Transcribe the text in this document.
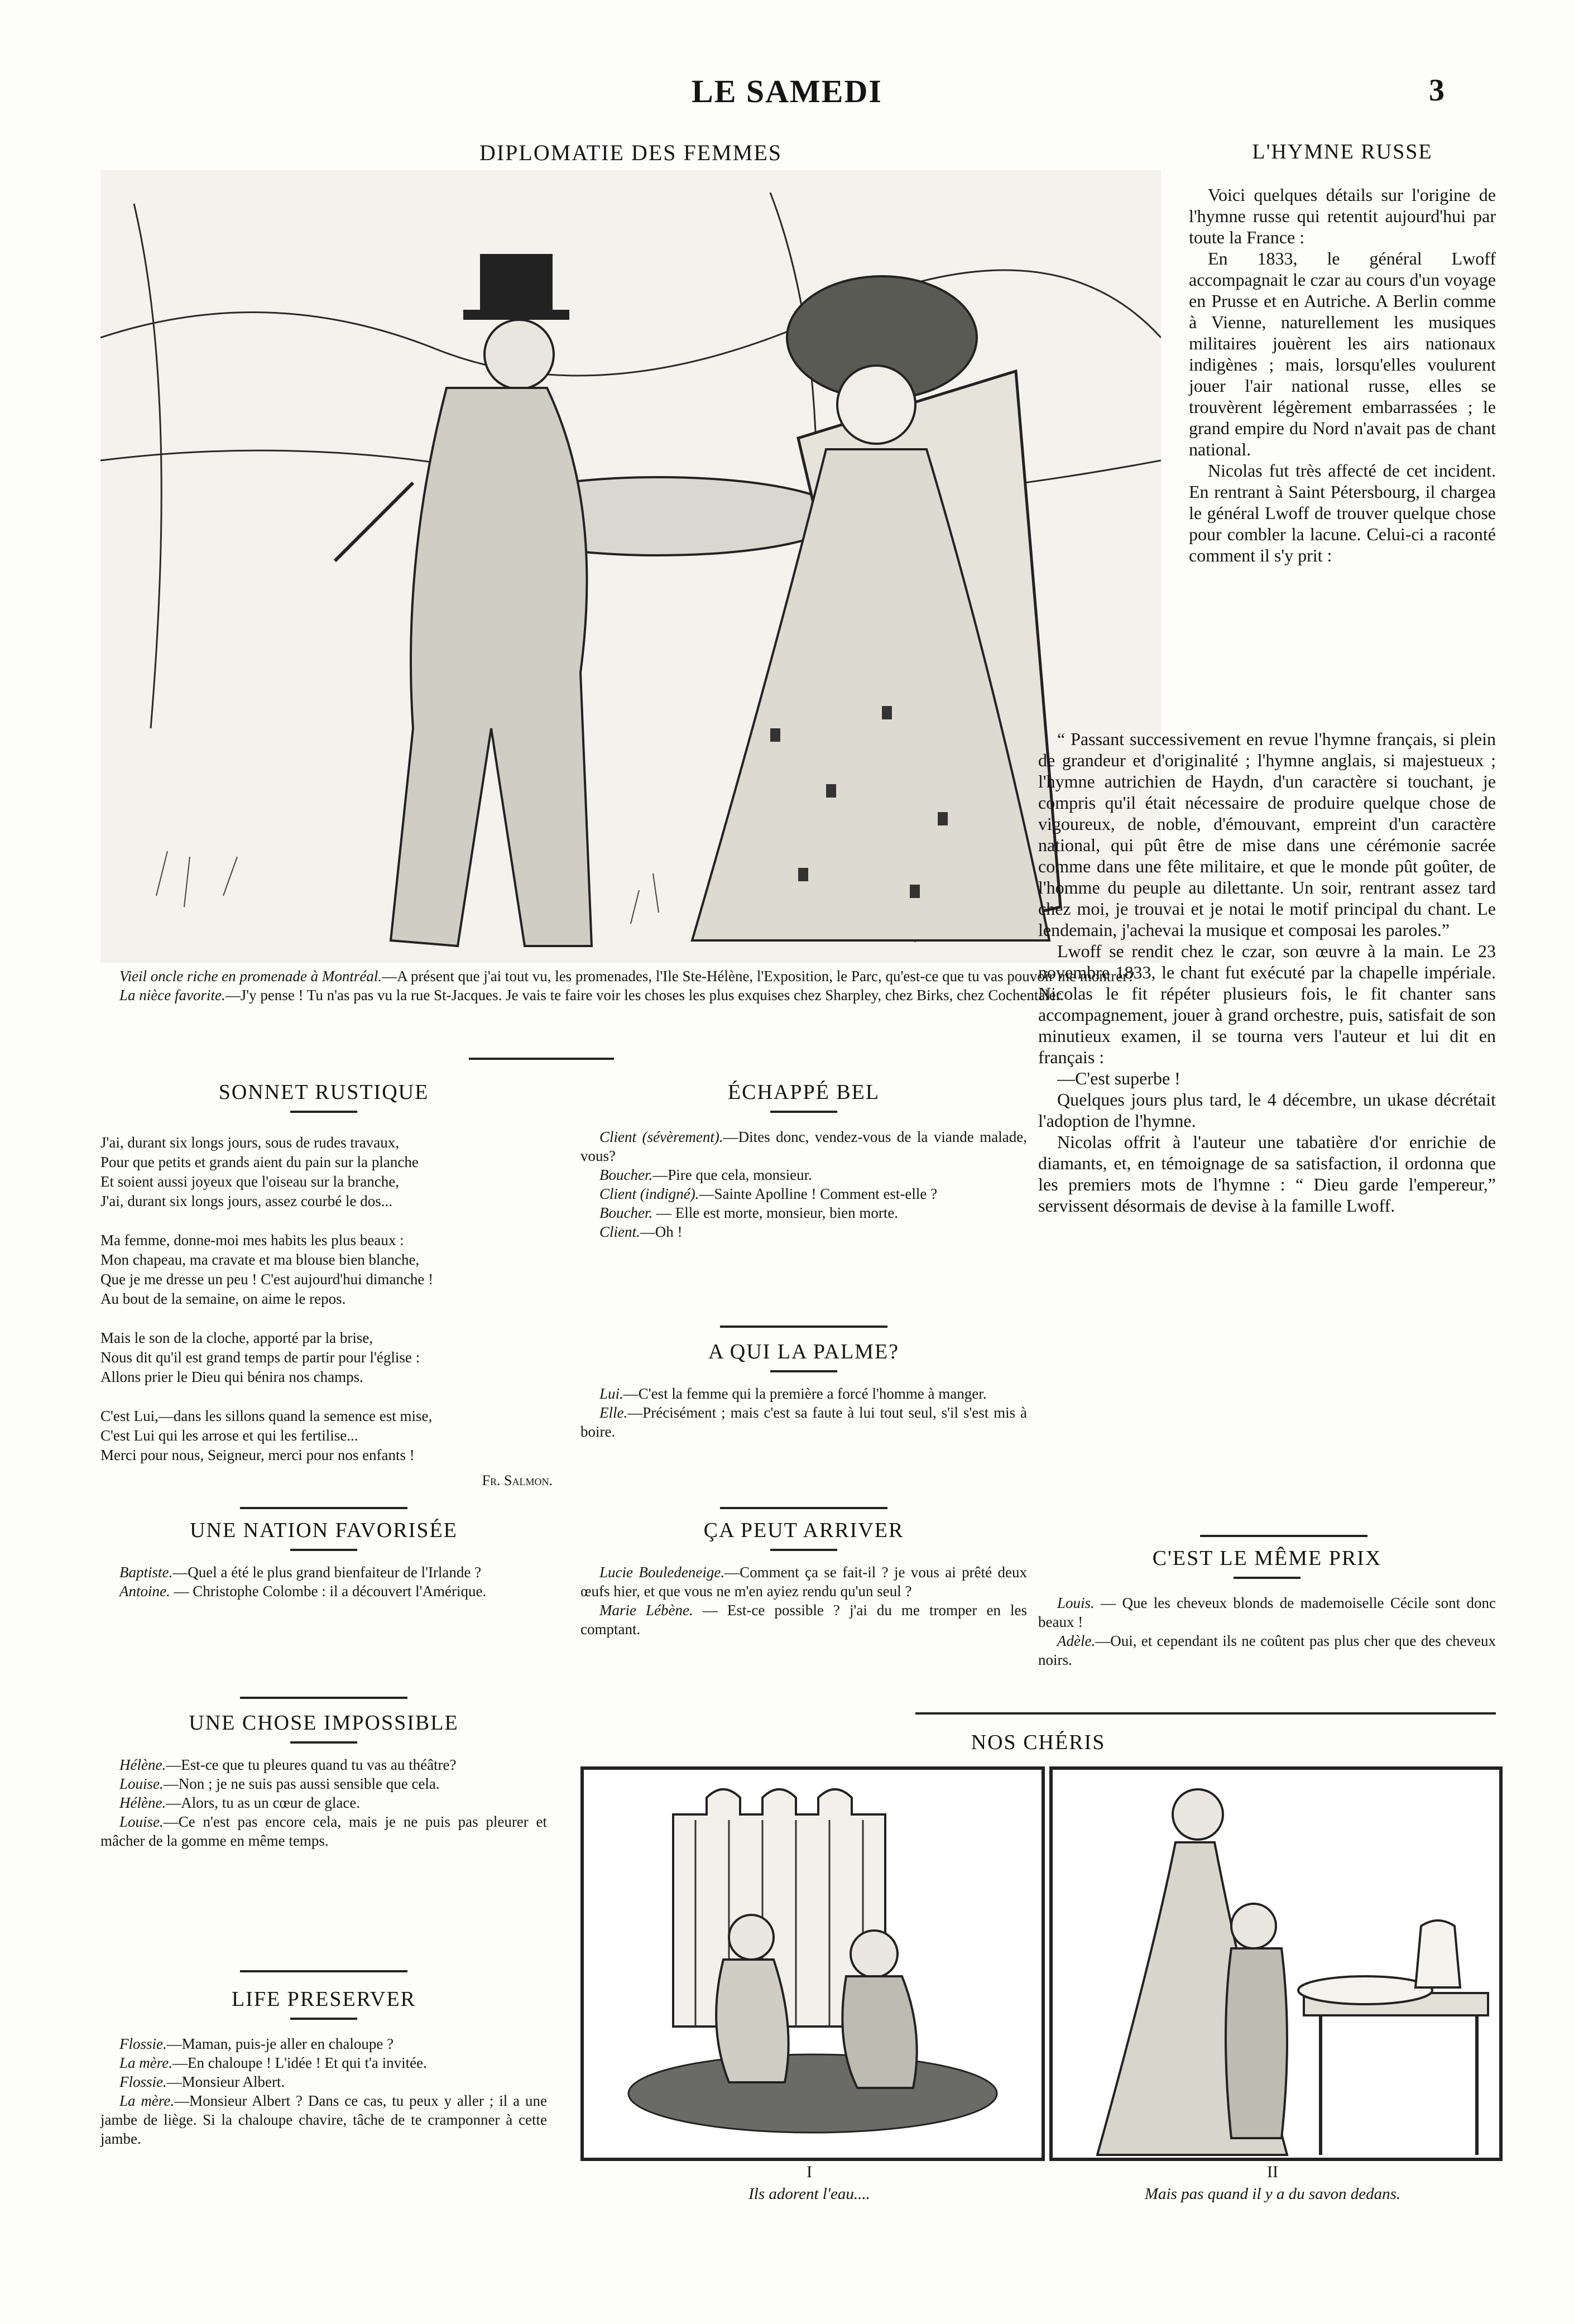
LE SAMEDI	3
DIPLOMATIE DES FEMMES

Vieil oncle riche en promenade à Montréal.—A présent que j'ai tout vu, les promenades, l'Ile Ste-Hélène, l'Exposition, le Parc, qu'est-ce que tu vas pouvoir me montrer?

La nièce favorite.—J'y pense ! Tu n'as pas vu la rue St-Jacques. Je vais te faire voir les choses les plus exquises chez Sharpley, chez Birks, chez Cochentaler.

L'HYMNE RUSSE

Voici quelques détails sur l'origine de l'hymne russe qui retentit aujourd'hui par toute la France :

En 1833, le général Lwoff accompagnait le czar au cours d'un voyage en Prusse et en Autriche. A Berlin comme à Vienne, naturellement les musiques militaires jouèrent les airs nationaux indigènes ; mais, lorsqu'elles voulurent jouer l'air national russe, elles se trouvèrent légèrement embarrassées ; le grand empire du Nord n'avait pas de chant national.

Nicolas fut très affecté de cet incident. En rentrant à Saint Pétersbourg, il chargea le général Lwoff de trouver quelque chose pour combler la lacune. Celui-ci a raconté comment il s'y prit :

“ Passant successivement en revue l'hymne français, si plein de grandeur et d'originalité ; l'hymne anglais, si majestueux ; l'hymne autrichien de Haydn, d'un caractère si touchant, je compris qu'il était nécessaire de produire quelque chose de vigoureux, de noble, d'émouvant, empreint d'un caractère national, qui pût être de mise dans une cérémonie sacrée comme dans une fête militaire, et que le monde pût goûter, de l'homme du peuple au dilettante. Un soir, rentrant assez tard chez moi, je trouvai et je notai le motif principal du chant. Le lendemain, j'achevai la musique et composai les paroles.”

Lwoff se rendit chez le czar, son œuvre à la main. Le 23 novembre 1833, le chant fut exécuté par la chapelle impériale. Nicolas le fit répéter plusieurs fois, le fit chanter sans accompagnement, jouer à grand orchestre, puis, satisfait de son minutieux examen, il se tourna vers l'auteur et lui dit en français :

—C'est superbe !

Quelques jours plus tard, le 4 décembre, un ukase décrétait l'adoption de l'hymne.

Nicolas offrit à l'auteur une tabatière d'or enrichie de diamants, et, en témoignage de sa satisfaction, il ordonna que les premiers mots de l'hymne : “ Dieu garde l'empereur,” servissent désormais de devise à la famille Lwoff.

SONNET RUSTIQUE
J'ai, durant six longs jours, sous de rudes travaux,
Pour que petits et grands aient du pain sur la planche
Et soient aussi joyeux que l'oiseau sur la branche,
J'ai, durant six longs jours, assez courbé le dos...
Ma femme, donne-moi mes habits les plus beaux :
Mon chapeau, ma cravate et ma blouse bien blanche,
Que je me dresse un peu ! C'est aujourd'hui dimanche !
Au bout de la semaine, on aime le repos.
Mais le son de la cloche, apporté par la brise,
Nous dit qu'il est grand temps de partir pour l'église :
Allons prier le Dieu qui bénira nos champs.
C'est Lui,—dans les sillons quand la semence est mise,
C'est Lui qui les arrose et qui les fertilise...
Merci pour nous, Seigneur, merci pour nos enfants !
Fr. Salmon.
UNE NATION FAVORISÉE

Baptiste.—Quel a été le plus grand bienfaiteur de l'Irlande ?

Antoine. — Christophe Colombe : il a découvert l'Amérique.

UNE CHOSE IMPOSSIBLE

Hélène.—Est-ce que tu pleures quand tu vas au théâtre?

Louise.—Non ; je ne suis pas aussi sensible que cela.

Hélène.—Alors, tu as un cœur de glace.

Louise.—Ce n'est pas encore cela, mais je ne puis pas pleurer et mâcher de la gomme en même temps.

LIFE PRESERVER

Flossie.—Maman, puis-je aller en chaloupe ?

La mère.—En chaloupe ! L'idée ! Et qui t'a invitée.

Flossie.—Monsieur Albert.

La mère.—Monsieur Albert ? Dans ce cas, tu peux y aller ; il a une jambe de liège. Si la chaloupe chavire, tâche de te cramponner à cette jambe.

ÉCHAPPÉ BEL

Client (sévèrement).—Dites donc, vendez-vous de la viande malade, vous?

Boucher.—Pire que cela, monsieur.

Client (indigné).—Sainte Apolline ! Comment est-elle ?

Boucher. — Elle est morte, monsieur, bien morte.

Client.—Oh !

A QUI LA PALME?

Lui.—C'est la femme qui la première a forcé l'homme à manger.

Elle.—Précisément ; mais c'est sa faute à lui tout seul, s'il s'est mis à boire.

ÇA PEUT ARRIVER

Lucie Bouledeneige.—Comment ça se fait-il ? je vous ai prêté deux œufs hier, et que vous ne m'en ayiez rendu qu'un seul ?

Marie Lébène. — Est-ce possible ? j'ai du me tromper en les comptant.

C'EST LE MÊME PRIX

Louis. — Que les cheveux blonds de mademoiselle Cécile sont donc beaux !

Adèle.—Oui, et cependant ils ne coûtent pas plus cher que des cheveux noirs.

NOS CHÉRIS
I
Ils adorent l'eau....
II
Mais pas quand il y a du savon dedans.
